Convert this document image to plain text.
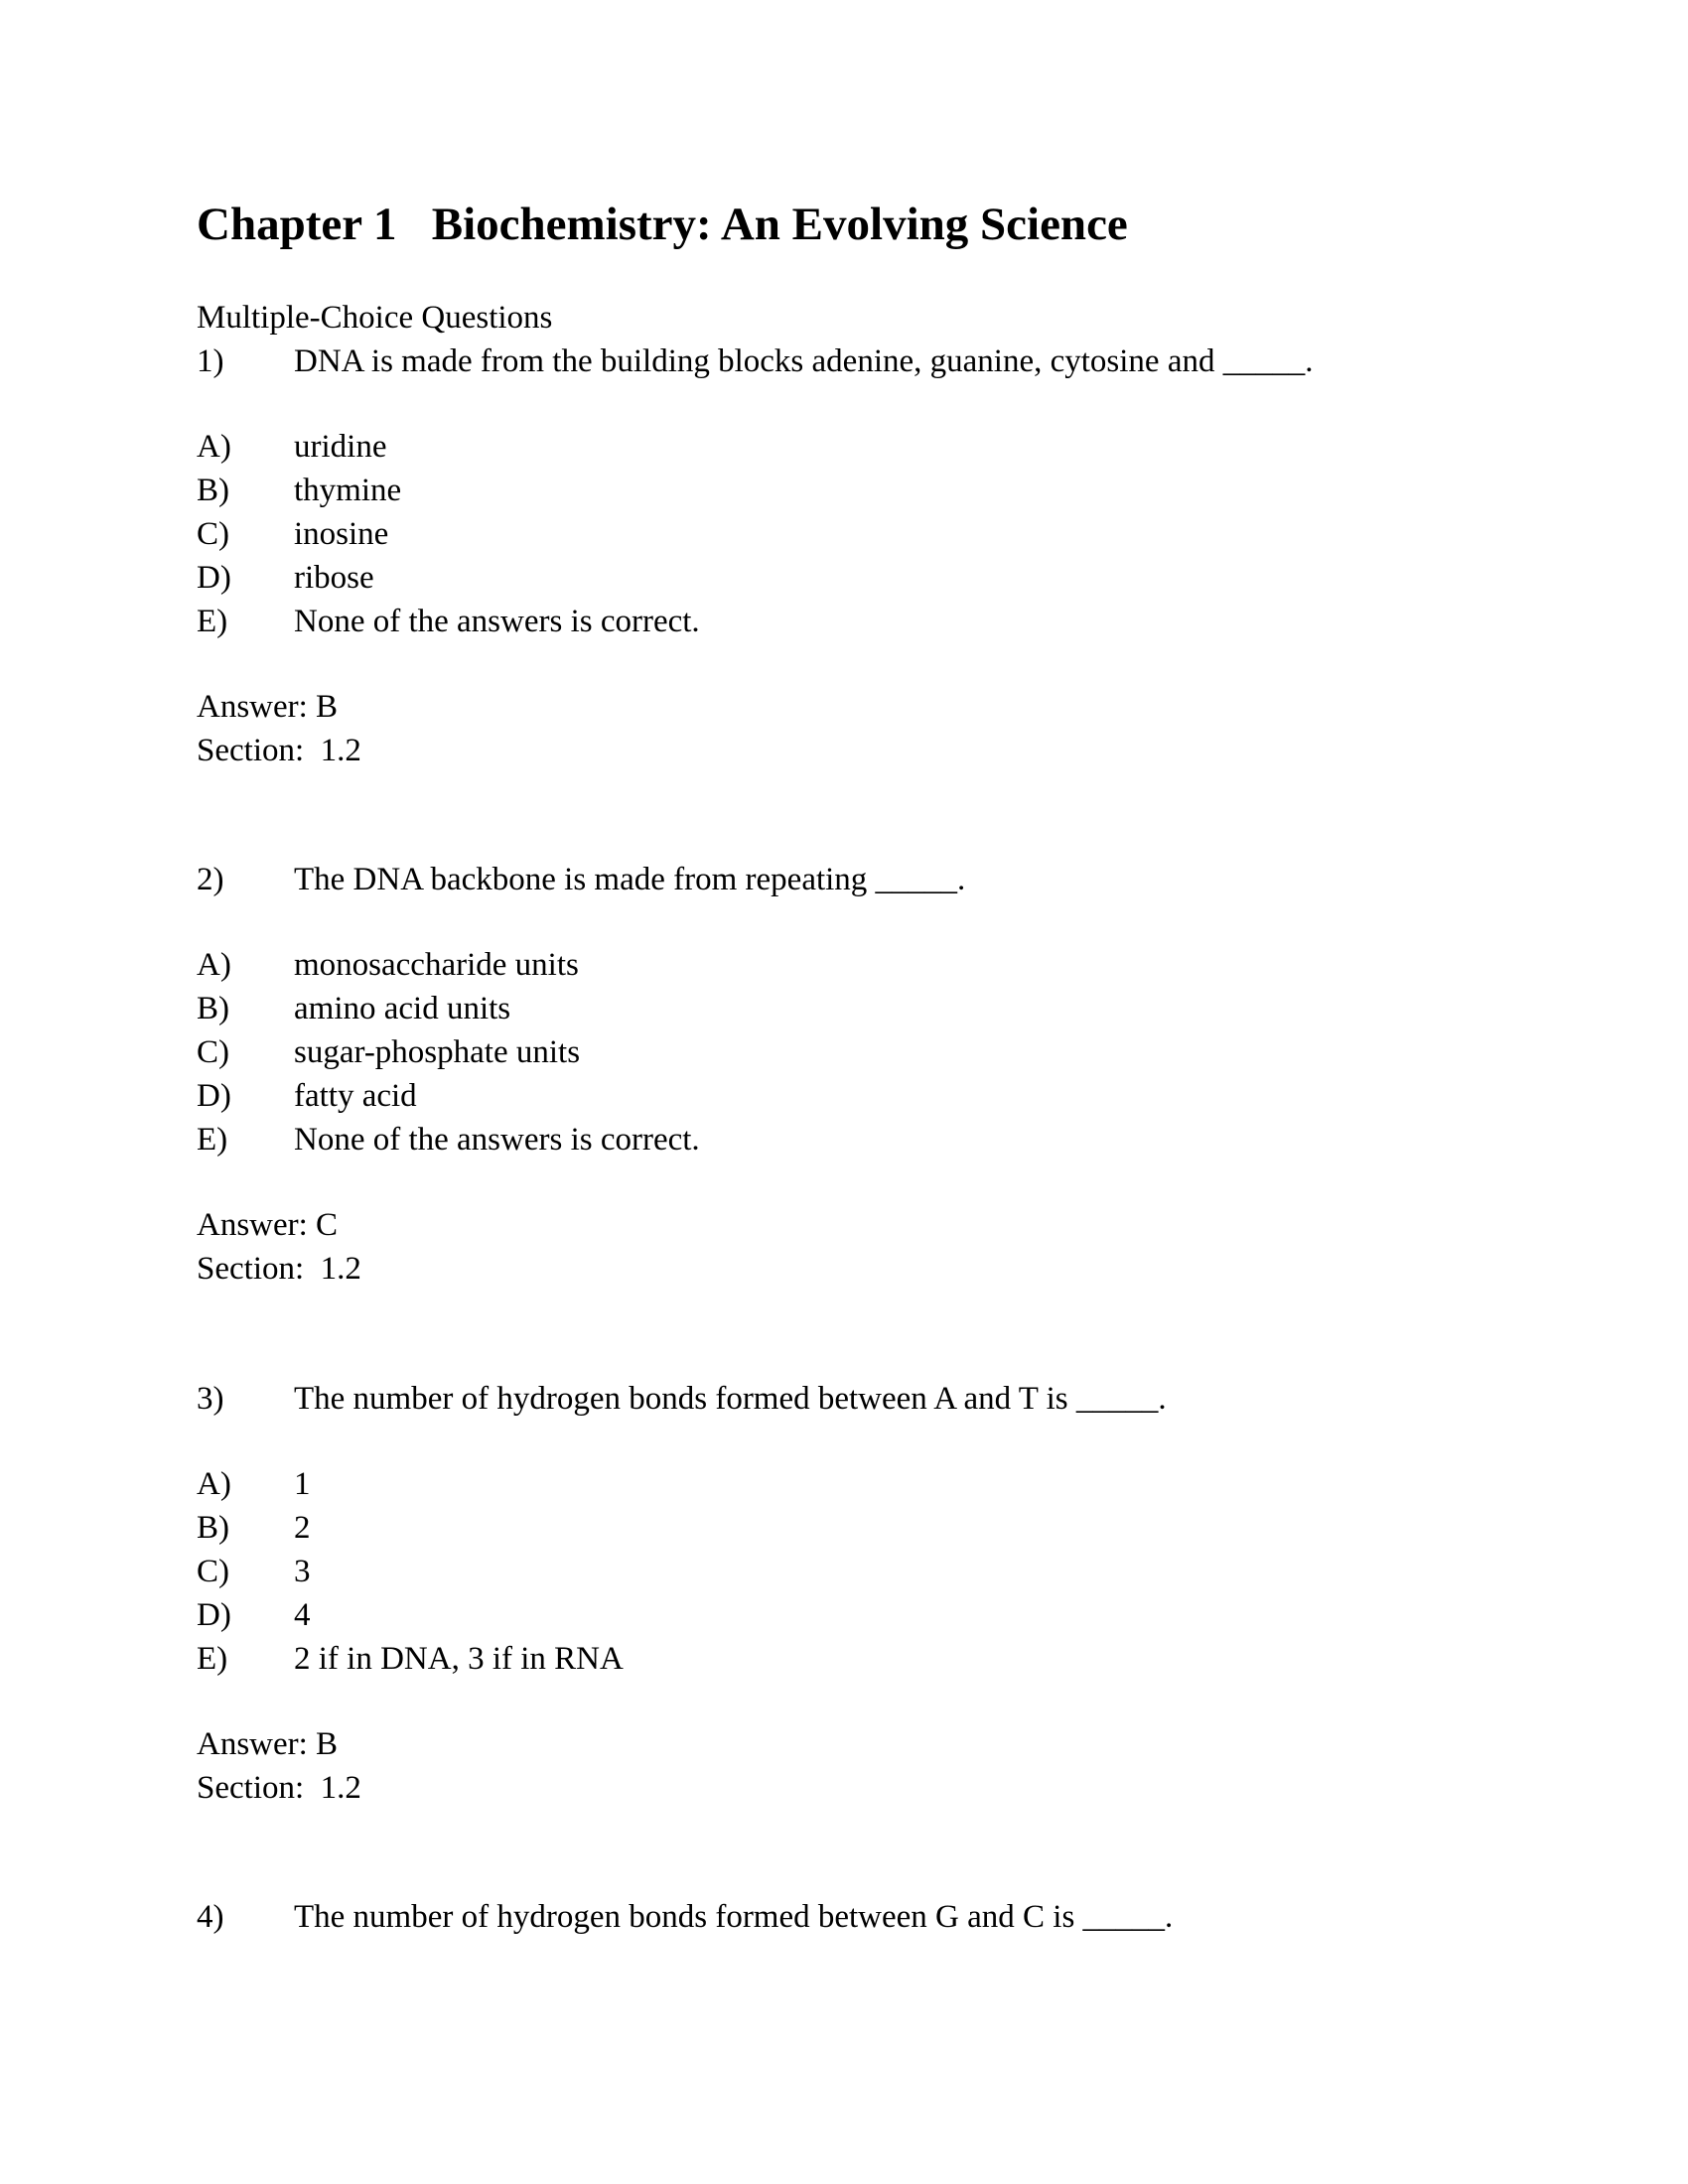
Chapter 1   Biochemistry: An Evolving Science
Multiple-Choice Questions
1) DNA is made from the building blocks adenine, guanine, cytosine and _____.
A) uridine
B) thymine
C) inosine
D) ribose
E) None of the answers is correct.
Answer: B
Section:  1.2
2) The DNA backbone is made from repeating _____.
A) monosaccharide units
B) amino acid units
C) sugar-phosphate units
D) fatty acid
E) None of the answers is correct.
Answer: C
Section:  1.2
3) The number of hydrogen bonds formed between A and T is _____.
A) 1
B) 2
C) 3
D) 4
E) 2 if in DNA, 3 if in RNA
Answer: B
Section:  1.2
4) The number of hydrogen bonds formed between G and C is _____.
